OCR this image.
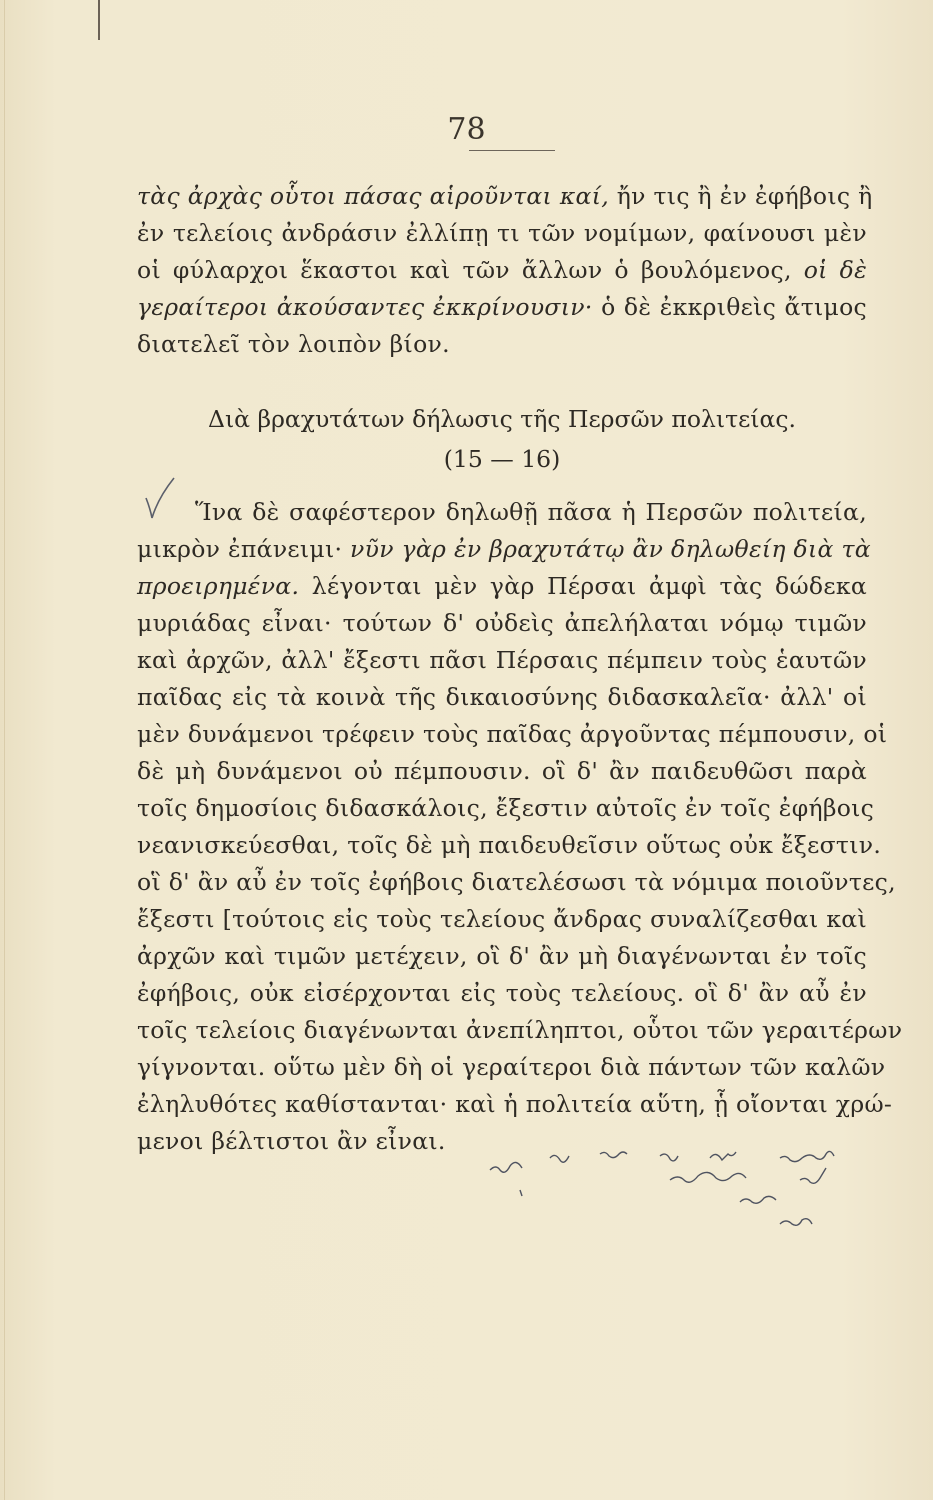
78
τὰς ἀρχὰς οὗτοι πάσας αἱροῦνται καί, ἤν τις ἢ ἐν ἐφήβοις ἢ
ἐν τελείοις ἀνδράσιν ἐλλίπῃ τι τῶν νομίμων, φαίνουσι μὲν
οἱ φύλαρχοι ἕκαστοι καὶ τῶν ἄλλων ὁ βουλόμενος, οἱ δὲ
γεραίτεροι ἀκούσαντες ἐκκρίνουσιν· ὁ δὲ ἐκκριθεὶς ἄτιμος
διατελεῖ τὸν λοιπὸν βίον.
Διὰ βραχυτάτων δήλωσις τῆς Περσῶν πολιτείας.
(15 — 16)
Ἵνα δὲ σαφέστερον δηλωθῇ πᾶσα ἡ Περσῶν πολιτεία,
μικρὸν ἐπάνειμι· νῦν γὰρ ἐν βραχυτάτῳ ἂν δηλωθείη διὰ τὰ
προειρημένα. λέγονται μὲν γὰρ Πέρσαι ἀμφὶ τὰς δώδεκα
μυριάδας εἶναι· τούτων δ' οὐδεὶς ἀπελήλαται νόμῳ τιμῶν
καὶ ἀρχῶν, ἀλλ' ἔξεστι πᾶσι Πέρσαις πέμπειν τοὺς ἑαυτῶν
παῖδας εἰς τὰ κοινὰ τῆς δικαιοσύνης διδασκαλεῖα· ἀλλ' οἱ
μὲν δυνάμενοι τρέφειν τοὺς παῖδας ἀργοῦντας πέμπουσιν, οἱ
δὲ μὴ δυνάμενοι οὐ πέμπουσιν. οἳ δ' ἂν παιδευθῶσι παρὰ
τοῖς δημοσίοις διδασκάλοις, ἔξεστιν αὐτοῖς ἐν τοῖς ἐφήβοις
νεανισκεύεσθαι, τοῖς δὲ μὴ παιδευθεῖσιν οὕτως οὐκ ἔξεστιν.
οἳ δ' ἂν αὖ ἐν τοῖς ἐφήβοις διατελέσωσι τὰ νόμιμα ποιοῦντες,
ἔξεστι [τούτοις εἰς τοὺς τελείους ἄνδρας συναλίζεσθαι καὶ
ἀρχῶν καὶ τιμῶν μετέχειν, οἳ δ' ἂν μὴ διαγένωνται ἐν τοῖς
ἐφήβοις, οὐκ εἰσέρχονται εἰς τοὺς τελείους. οἳ δ' ἂν αὖ ἐν
τοῖς τελείοις διαγένωνται ἀνεπίληπτοι, οὗτοι τῶν γεραιτέρων
γίγνονται. οὕτω μὲν δὴ οἱ γεραίτεροι διὰ πάντων τῶν καλῶν
ἐληλυθότες καθίστανται· καὶ ἡ πολιτεία αὕτη, ᾗ οἴονται χρώ-
μενοι βέλτιστοι ἂν εἶναι.
